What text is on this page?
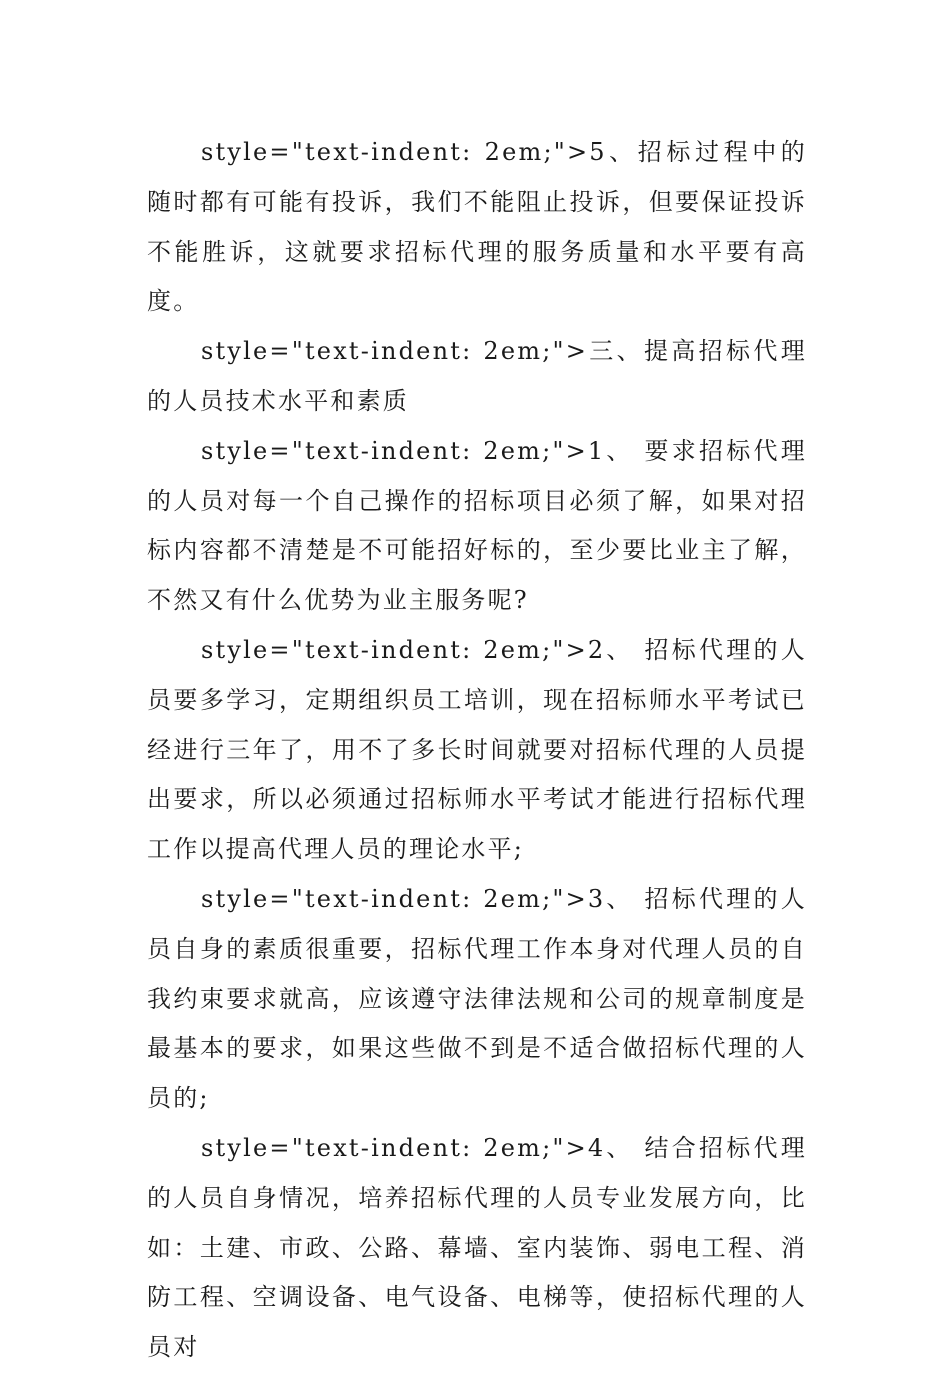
style="text-indent: 2em;">5、招标过程中的随时都有可能有投诉，我们不能阻止投诉，但要保证投诉不能胜诉，这就要求招标代理的服务质量和水平要有高度。

style="text-indent: 2em;">三、提高招标代理的人员技术水平和素质

style="text-indent: 2em;">1、 要求招标代理的人员对每一个自己操作的招标项目必须了解，如果对招标内容都不清楚是不可能招好标的，至少要比业主了解，不然又有什么优势为业主服务呢?

style="text-indent: 2em;">2、 招标代理的人员要多学习，定期组织员工培训，现在招标师水平考试已经进行三年了，用不了多长时间就要对招标代理的人员提出要求，所以必须通过招标师水平考试才能进行招标代理工作以提高代理人员的理论水平;

style="text-indent: 2em;">3、 招标代理的人员自身的素质很重要，招标代理工作本身对代理人员的自我约束要求就高，应该遵守法律法规和公司的规章制度是最基本的要求，如果这些做不到是不适合做招标代理的人员的;

style="text-indent: 2em;">4、 结合招标代理的人员自身情况，培养招标代理的人员专业发展方向，比如：土建、市政、公路、幕墙、室内装饰、弱电工程、消防工程、空调设备、电气设备、电梯等，使招标代理的人员对
